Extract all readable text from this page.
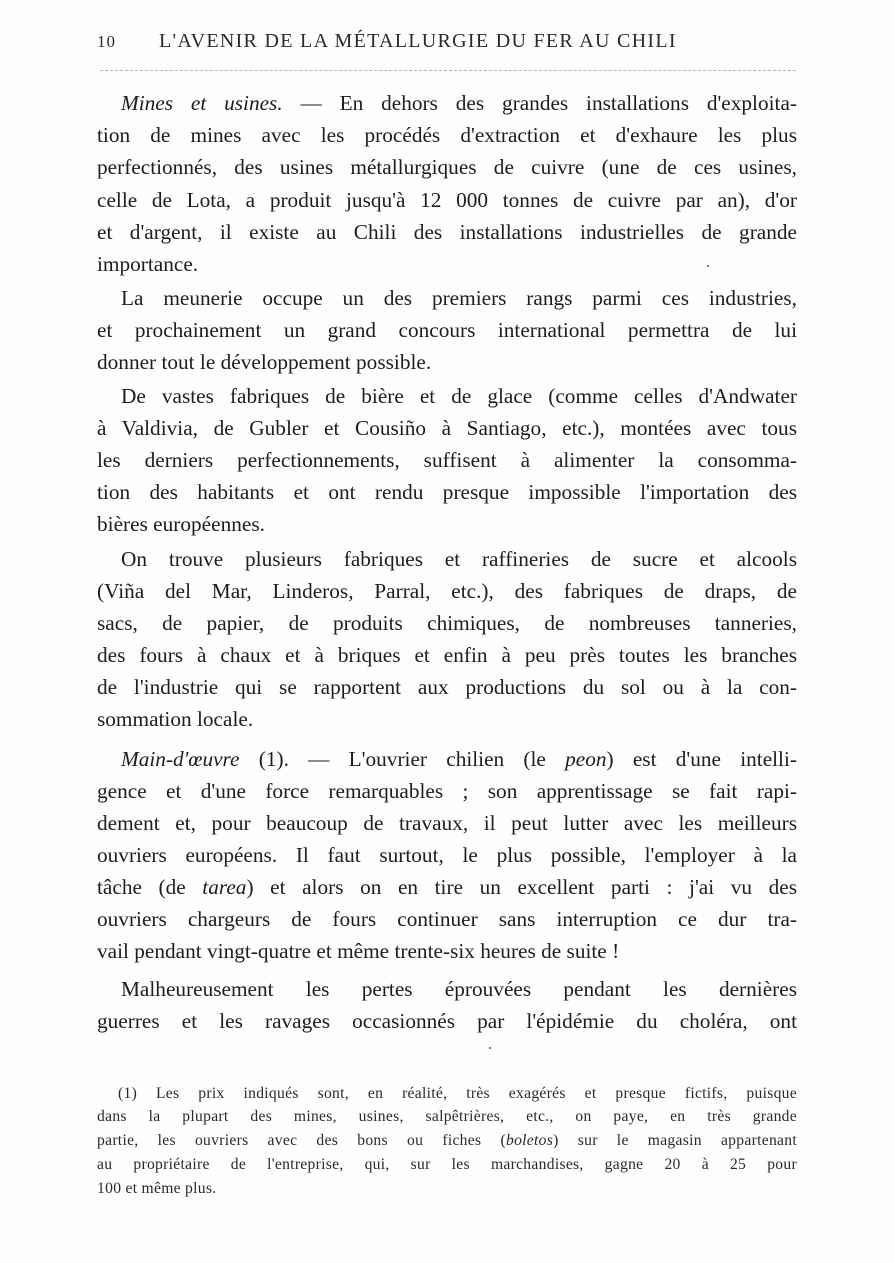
10 L'AVENIR DE LA MÉTALLURGIE DU FER AU CHILI
Mines et usines. — En dehors des grandes installations d'exploita-
tion de mines avec les procédés d'extraction et d'exhaure les plus
perfectionnés, des usines métallurgiques de cuivre (une de ces usines,
celle de Lota, a produit jusqu'à 12 000 tonnes de cuivre par an), d'or
et d'argent, il existe au Chili des installations industrielles de grande
importance.
La meunerie occupe un des premiers rangs parmi ces industries,
et prochainement un grand concours international permettra de lui
donner tout le développement possible.
De vastes fabriques de bière et de glace (comme celles d'Andwater
à Valdivia, de Gubler et Cousiño à Santiago, etc.), montées avec tous
les derniers perfectionnements, suffisent à alimenter la consomma-
tion des habitants et ont rendu presque impossible l'importation des
bières européennes.
On trouve plusieurs fabriques et raffineries de sucre et alcools
(Viña del Mar, Linderos, Parral, etc.), des fabriques de draps, de
sacs, de papier, de produits chimiques, de nombreuses tanneries,
des fours à chaux et à briques et enfin à peu près toutes les branches
de l'industrie qui se rapportent aux productions du sol ou à la con-
sommation locale.
Main-d'œuvre (1). — L'ouvrier chilien (le peon) est d'une intelli-
gence et d'une force remarquables ; son apprentissage se fait rapi-
dement et, pour beaucoup de travaux, il peut lutter avec les meilleurs
ouvriers européens. Il faut surtout, le plus possible, l'employer à la
tâche (de tarea) et alors on en tire un excellent parti : j'ai vu des
ouvriers chargeurs de fours continuer sans interruption ce dur tra-
vail pendant vingt-quatre et même trente-six heures de suite !
Malheureusement les pertes éprouvées pendant les dernières
guerres et les ravages occasionnés par l'épidémie du choléra, ont
(1) Les prix indiqués sont, en réalité, très exagérés et presque fictifs, puisque
dans la plupart des mines, usines, salpêtrières, etc., on paye, en très grande
partie, les ouvriers avec des bons ou fiches (boletos) sur le magasin appartenant
au propriétaire de l'entreprise, qui, sur les marchandises, gagne 20 à 25 pour
100 et même plus.
